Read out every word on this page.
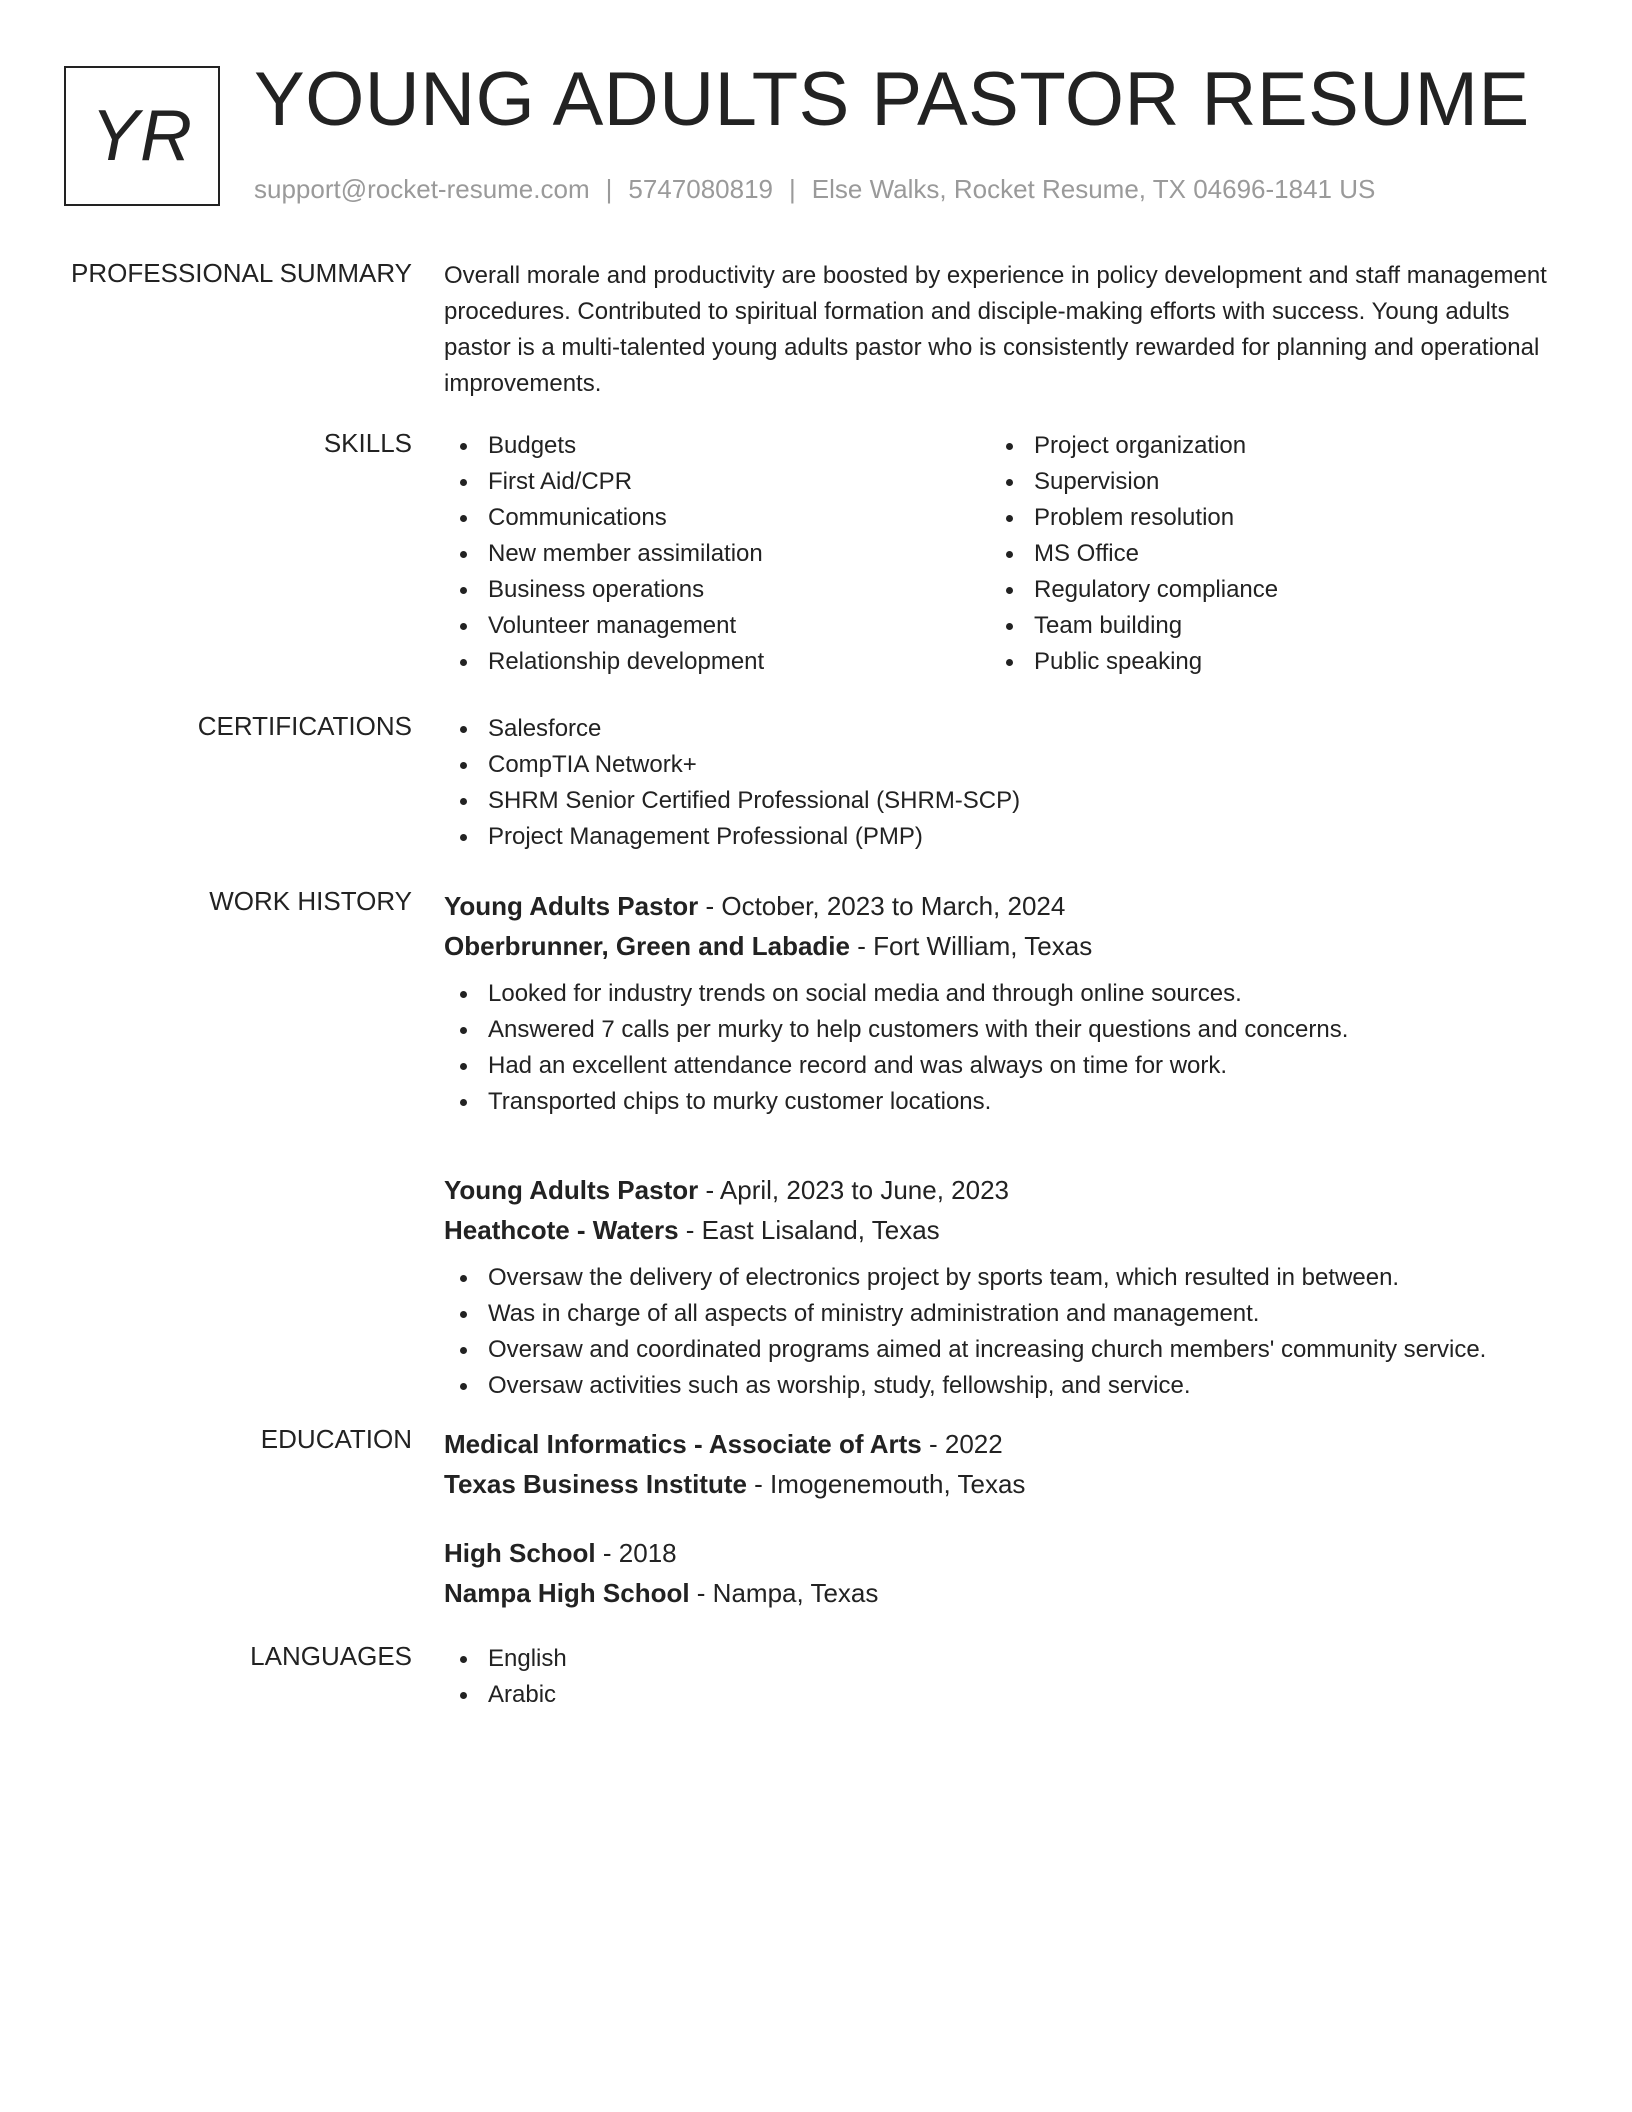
YR YOUNG ADULTS PASTOR RESUME
support@rocket-resume.com | 5747080819 | Else Walks, Rocket Resume, TX 04696-1841 US
PROFESSIONAL SUMMARY Overall morale and productivity are boosted by experience in policy development and staff management procedures. Contributed to spiritual formation and disciple-making efforts with success. Young adults pastor is a multi-talented young adults pastor who is consistently rewarded for planning and operational improvements.

SKILLS	Budgets
First Aid/CPR
Communications
New member assimilation
Business operations
Volunteer management
Relationship development
Project organization
Supervision
Problem resolution
MS Office
Regulatory compliance
Team building
Public speaking
CERTIFICATIONS	Salesforce
CompTIA Network+
SHRM Senior Certified Professional (SHRM-SCP)
Project Management Professional (PMP)
WORK HISTORY Young Adults Pastor - October, 2023 to March, 2024
Oberbrunner, Green and Labadie - Fort William, Texas
Looked for industry trends on social media and through online sources.
Answered 7 calls per murky to help customers with their questions and concerns.
Had an excellent attendance record and was always on time for work.
Transported chips to murky customer locations.
Young Adults Pastor - April, 2023 to June, 2023
Heathcote - Waters - East Lisaland, Texas
Oversaw the delivery of electronics project by sports team, which resulted in between.
Was in charge of all aspects of ministry administration and management.
Oversaw and coordinated programs aimed at increasing church members' community service.
Oversaw activities such as worship, study, fellowship, and service.
EDUCATION Medical Informatics - Associate of Arts - 2022
Texas Business Institute - Imogenemouth, Texas
High School - 2018
Nampa High School - Nampa, Texas
LANGUAGES	English
Arabic
